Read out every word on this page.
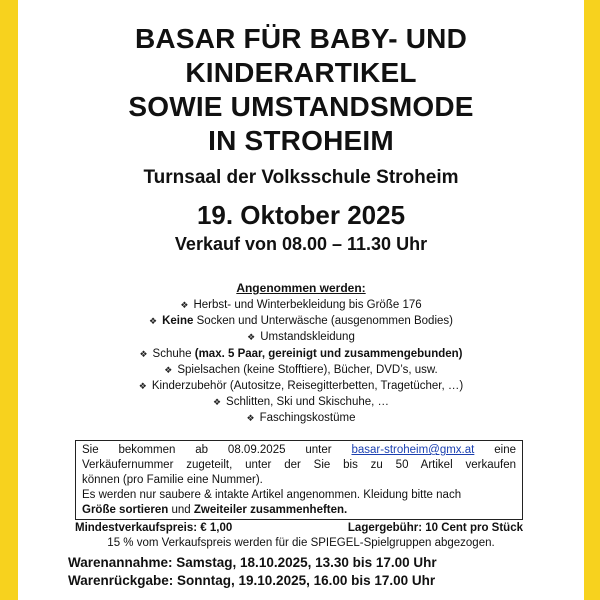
BASAR FÜR BABY- UND
KINDERARTIKEL
SOWIE UMSTANDSMODE
IN STROHEIM
Turnsaal der Volksschule Stroheim
19. Oktober 2025
Verkauf von 08.00 – 11.30 Uhr
Angenommen werden:
❖ Herbst- und Winterbekleidung bis Größe 176
❖ Keine Socken und Unterwäsche (ausgenommen Bodies)
❖ Umstandskleidung
❖ Schuhe (max. 5 Paar, gereinigt und zusammengebunden)
❖ Spielsachen (keine Stofftiere), Bücher, DVD’s, usw.
❖ Kinderzubehör (Autositze, Reisegitterbetten, Tragetücher, …)
❖ Schlitten, Ski und Skischuhe, …
❖ Faschingskostüme

Sie bekommen ab 08.09.2025 unter basar-stroheim@gmx.at eine

Verkäufernummer zugeteilt, unter der Sie bis zu 50 Artikel verkaufen

können (pro Familie eine Nummer).

Es werden nur saubere & intakte Artikel angenommen. Kleidung bitte nach

Größe sortieren und Zweiteiler zusammenheften.

Mindestverkaufspreis: € 1,00	Lagergebühr: 10 Cent pro Stück
15 % vom Verkaufspreis werden für die SPIEGEL-Spielgruppen abgezogen.
Warenannahme: Samstag, 18.10.2025, 13.30 bis 17.00 Uhr
Warenrückgabe: Sonntag, 19.10.2025, 16.00 bis 17.00 Uhr
